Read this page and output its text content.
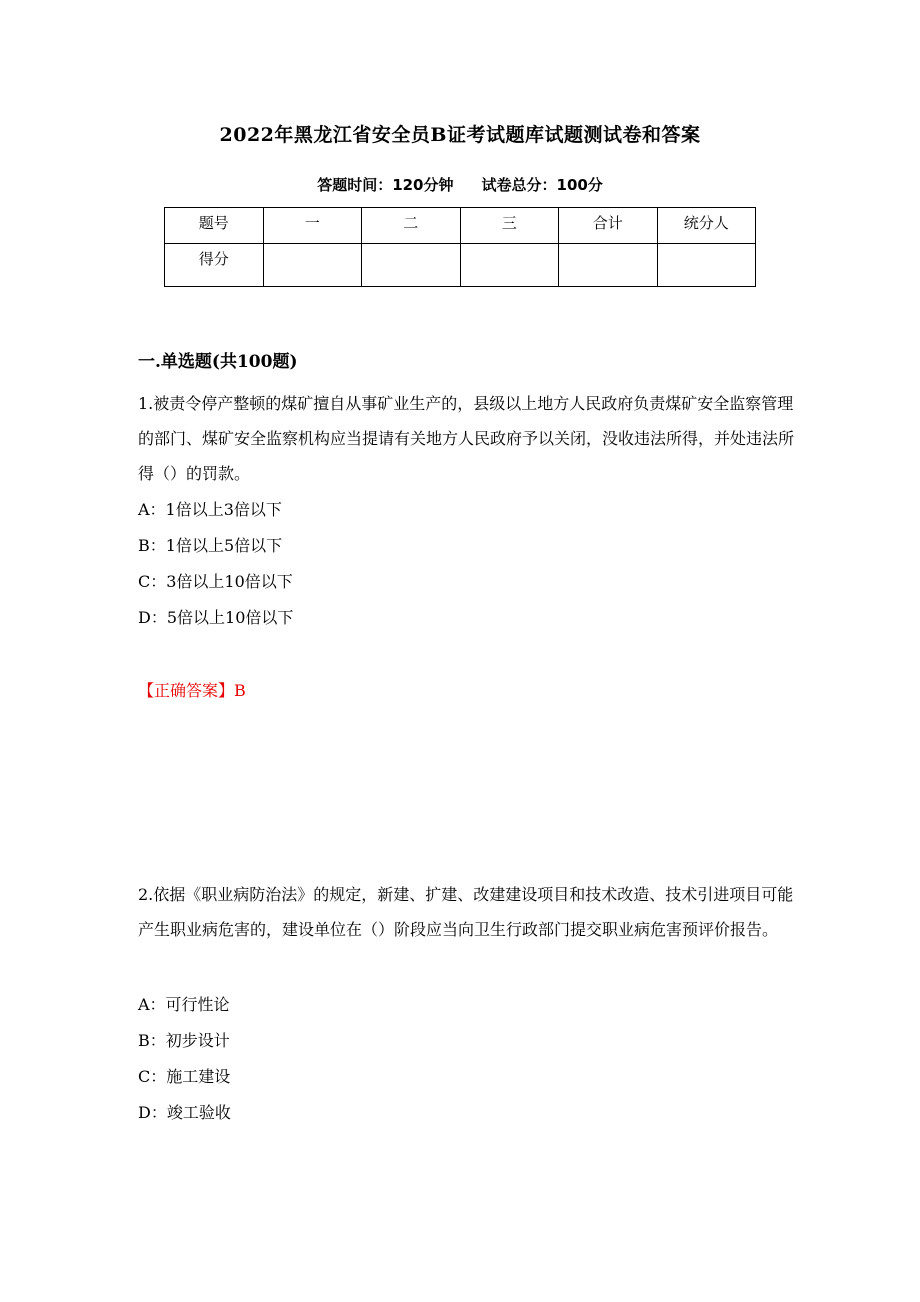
2022年黑龙江省安全员B证考试题库试题测试卷和答案
答题时间：120分钟 试卷总分：100分
题号	一	二	三	合计	统分人
得分					
一.单选题(共100题)
1.被责令停产整顿的煤矿擅自从事矿业生产的，县级以上地方人民政府负责煤矿安全监察管理的部门、煤矿安全监察机构应当提请有关地方人民政府予以关闭，没收违法所得，并处违法所得（）的罚款。
A：1倍以上3倍以下
B：1倍以上5倍以下
C：3倍以上10倍以下
D：5倍以上10倍以下
【正确答案】B
2.依据《职业病防治法》的规定，新建、扩建、改建建设项目和技术改造、技术引进项目可能产生职业病危害的，建设单位在（）阶段应当向卫生行政部门提交职业病危害预评价报告。
A：可行性论
B：初步设计
C：施工建设
D：竣工验收
